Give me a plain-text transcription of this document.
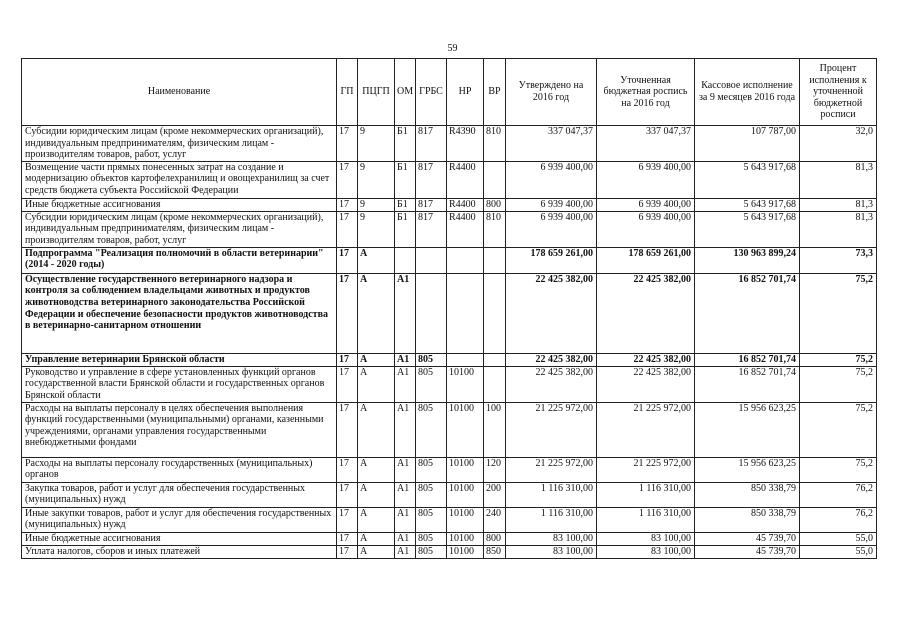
59
Наименование	ГП	ПЦГП	ОМ	ГРБС	НР	ВР	Утверждено на 2016 год	Уточненная бюджетная роспись на 2016 год	Кассовое исполнение за 9 месяцев 2016 года	Процент исполнения к уточненной бюджетной росписи
Субсидии юридическим лицам (кроме некоммерческих организаций), индивидуальным предпринимателям, физическим лицам - производителям товаров, работ, услуг	17	9	Б1	817	R4390	810	337 047,37	337 047,37	107 787,00	32,0
Возмещение части прямых понесенных затрат на создание и модернизацию объектов картофелехранилищ и овощехранилищ за счет средств бюджета субъекта Российской Федерации	17	9	Б1	817	R4400		6 939 400,00	6 939 400,00	5 643 917,68	81,3
Иные бюджетные ассигнования	17	9	Б1	817	R4400	800	6 939 400,00	6 939 400,00	5 643 917,68	81,3
Субсидии юридическим лицам (кроме некоммерческих организаций), индивидуальным предпринимателям, физическим лицам - производителям товаров, работ, услуг	17	9	Б1	817	R4400	810	6 939 400,00	6 939 400,00	5 643 917,68	81,3
Подпрограмма "Реализация полномочий в области ветеринарии" (2014 - 2020 годы)	17	А					178 659 261,00	178 659 261,00	130 963 899,24	73,3
Осуществление государственного ветеринарного надзора и контроля за соблюдением владельцами животных и продуктов животноводства ветеринарного законодательства Российской Федерации и обеспечение безопасности продуктов животноводства в ветеринарно-санитарном отношении	17	А	А1				22 425 382,00	22 425 382,00	16 852 701,74	75,2
Управление ветеринарии Брянской области	17	А	А1	805			22 425 382,00	22 425 382,00	16 852 701,74	75,2
Руководство и управление в сфере установленных функций органов государственной власти Брянской области и государственных органов Брянской области	17	А	А1	805	10100		22 425 382,00	22 425 382,00	16 852 701,74	75,2
Расходы на выплаты персоналу в целях обеспечения выполнения функций государственными (муниципальными) органами, казенными учреждениями, органами управления государственными внебюджетными фондами	17	А	А1	805	10100	100	21 225 972,00	21 225 972,00	15 956 623,25	75,2
Расходы на выплаты персоналу государственных (муниципальных) органов	17	А	А1	805	10100	120	21 225 972,00	21 225 972,00	15 956 623,25	75,2
Закупка товаров, работ и услуг для обеспечения государственных (муниципальных) нужд	17	А	А1	805	10100	200	1 116 310,00	1 116 310,00	850 338,79	76,2
Иные закупки товаров, работ и услуг для обеспечения государственных (муниципальных) нужд	17	А	А1	805	10100	240	1 116 310,00	1 116 310,00	850 338,79	76,2
Иные бюджетные ассигнования	17	А	А1	805	10100	800	83 100,00	83 100,00	45 739,70	55,0
Уплата налогов, сборов и иных платежей	17	А	А1	805	10100	850	83 100,00	83 100,00	45 739,70	55,0
